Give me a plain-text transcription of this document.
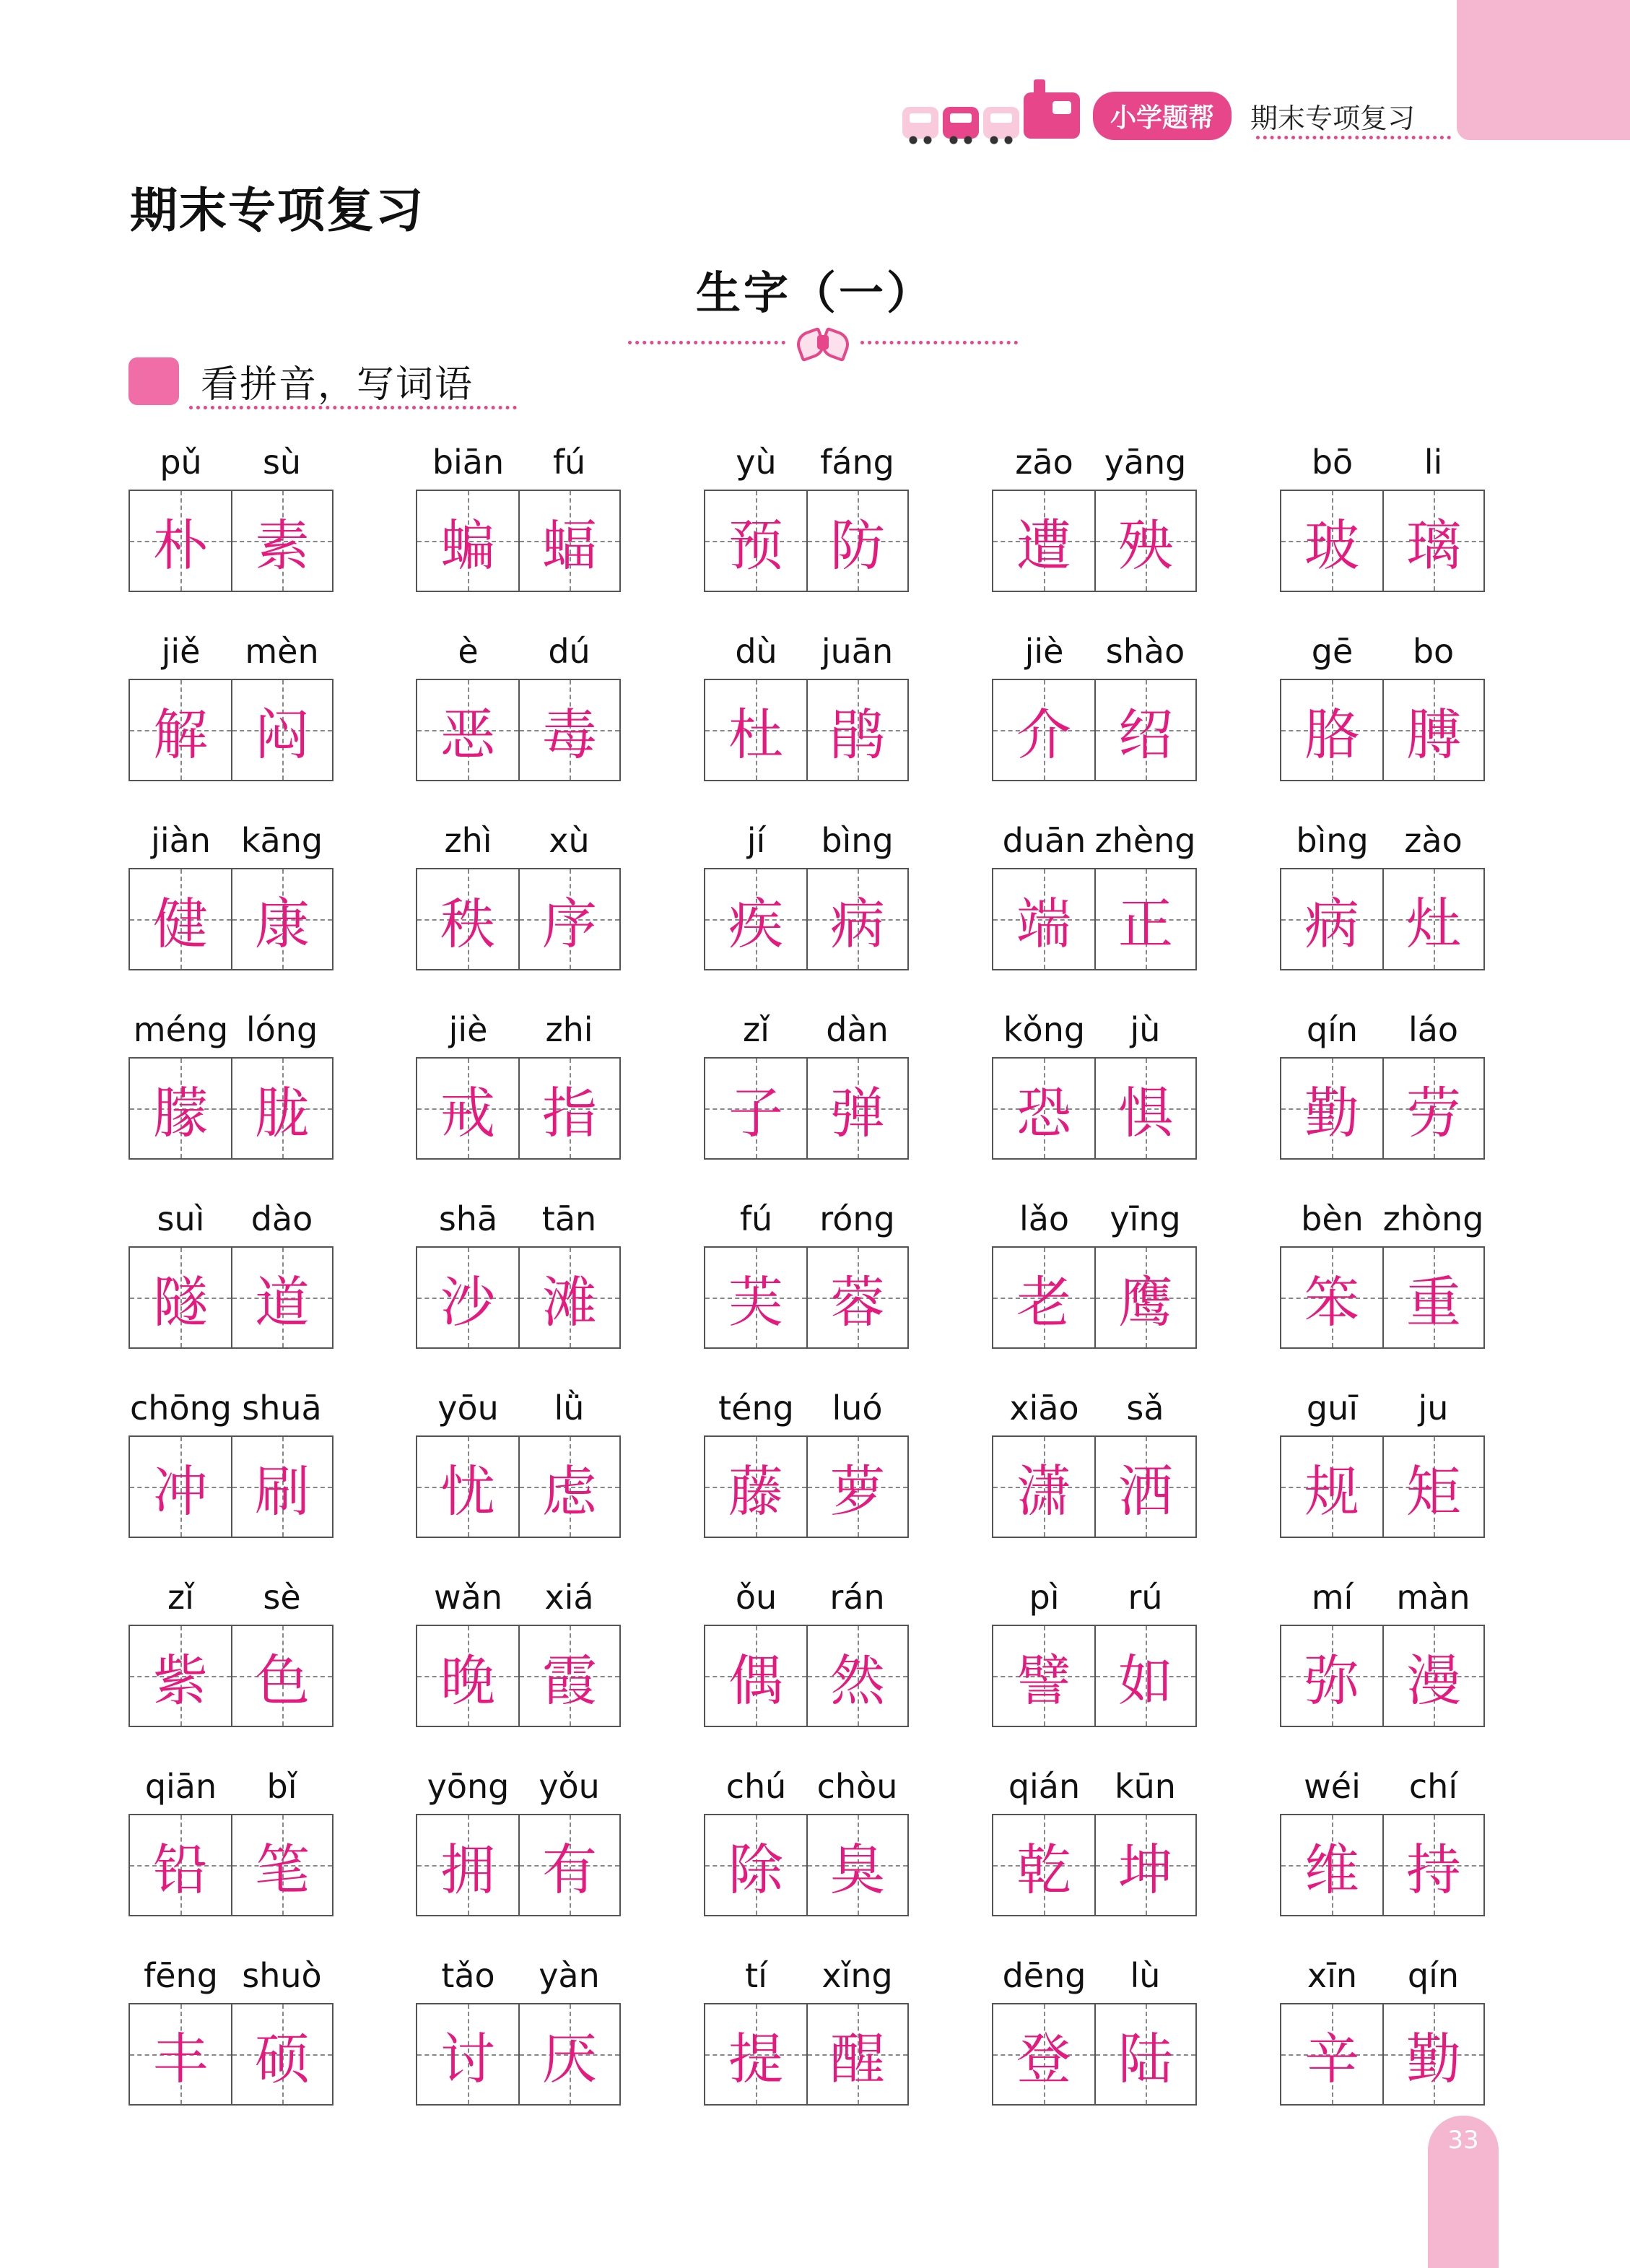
小学题帮	期末专项复习
期末专项复习
生字（一）
看拼音，写词语
pǔ	sù
朴 素
biān	fú
蝙 蝠
yù	fáng
预 防
zāo yāng
遭 殃
bō	li
玻 璃
jiě	mèn
解 闷
è	dú
恶 毒
dù	juān
杜 鹃
jiè	shào
介 绍
gē	bo
胳 膊
jiàn kāng
健 康
zhì	xù
秩 序
jí	bìng
疾 病
duān zhèng
端 正
bìng	zào
病 灶
méng lóng
朦 胧
jiè	zhi
戒 指
zǐ	dàn
子 弹
kǒng	jù
恐 惧
qín	láo
勤 劳
suì	dào
隧 道
shā	tān
沙 滩
fú	róng
芙 蓉
lǎo	yīng
老 鹰
bèn zhòng
笨 重
chōng shuā
冲 刷
yōu	lǜ
忧 虑
téng	luó
藤 萝
xiāo	sǎ
潇 洒
guī	ju
规 矩
zǐ	sè
紫 色
wǎn	xiá
晚 霞
ǒu	rán
偶 然
pì	rú
譬 如
mí	màn
弥 漫
qiān	bǐ
铅 笔
yōng yǒu
拥 有
chú chòu
除 臭
qián	kūn
乾 坤
wéi	chí
维 持
fēng shuò
丰 硕
tǎo	yàn
讨 厌
tí	xǐng
提 醒
dēng	lù
登 陆
xīn	qín
辛 勤
33
